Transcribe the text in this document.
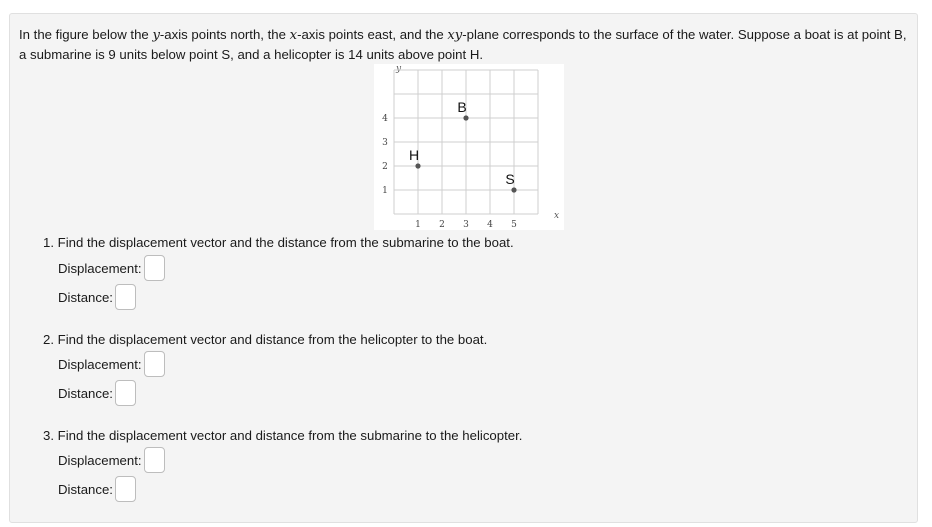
In the figure below the y-axis points north, the x-axis points east, and the xy-plane corresponds to the surface of the water. Suppose a boat is at point B, a submarine is 9 units below point S, and a helicopter is 14 units above point H.

y
x
1 2 3 4 5
1
2
3
4
B
H
S

1. Find the displacement vector and the distance from the submarine to the boat.

Displacement:
Distance:

2. Find the displacement vector and distance from the helicopter to the boat.

Displacement:
Distance:

3. Find the displacement vector and distance from the submarine to the helicopter.

Displacement:
Distance:
